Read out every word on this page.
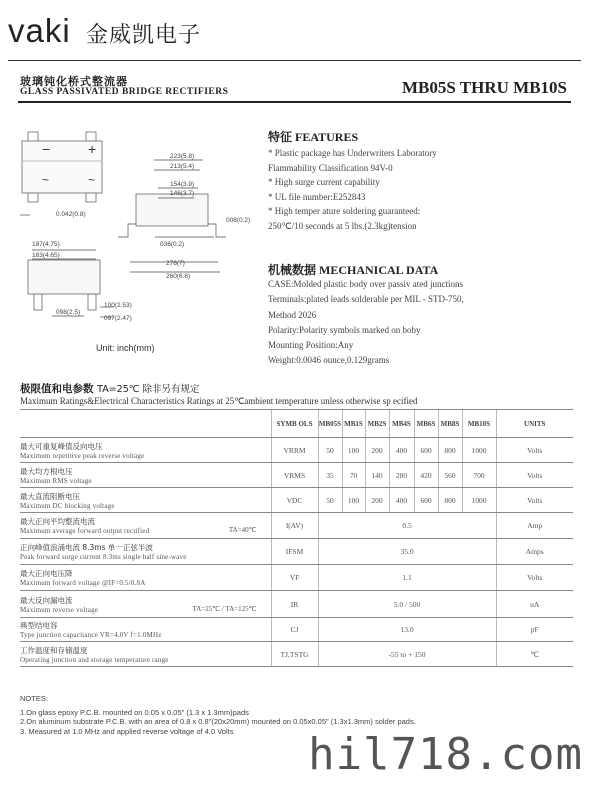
vaki 金威凯电子
玻璃钝化桥式整流器
GLASS PASSIVATED BRIDGE RECTIFIERS	MB05S THRU MB10S
−	+
~	~
223(5.8)
213(5.4)
154(3.9)
146(3.7)
0.042(0.8)
008(0.2)
036(0.2)
187(4.75)
183(4.65)
276(7)
260(6.6)
100(2.53)
097(2.47)
098(2.5)
Unit: inch(mm)
特征 FEATURES
* Plastic package has Underwriters Laboratory
Flammability Classification 94V-0
* High surge current capability
* UL file number:E252843
* High temper ature soldering guaranteed:
250℃/10 seconds at 5 lbs.(2.3kg)tension
机械数据 MECHANICAL DATA
CASE:Molded plastic body over passiv ated junctions
Terminals:plated leads solderable per MIL - STD-750,
Method 2026
Polarity:Polarity symbols marked on boby
Mounting Position:Any
Weight:0.0046 ounce,0.129grams
极限值和电参数 TA=25℃ 除非另有规定
Maximum Ratings&Electrical Characteristics Ratings at 25℃ambient temperature unless otherwise sp ecified
	SYMB OLS	MB05S	MB1S	MB2S	MB4S	MB6S	MB8S	MB10S	UNITS

最大可重复峰值反向电压
Maximum repetitive peak reverse voltage	VRRM	50	100	200	400	600	800	1000	Volts

最大均方根电压
Maximum RMS voltage	VRMS	35	70	140	280	420	560	700	Volts

最大直流阻断电压
Maximum DC blocking voltage	VDC	50	100	200	400	600	800	1000	Volts

最大正向平均整流电流
Maximum average forward output rectified TA=40℃	I(AV)	0.5							Amp

正向峰值浪涌电流 8.3ms 单一正弦半波
Peak forward surge current 8.3ms single half sine-wave	IFSM	35.0							Amps

最大正向电压降
Maximum forward voltage @IF=0.5/0.8A	VF	1.1							Volts

最大反向漏电流
Maximum reverse voltage TA=25℃ / TA=125℃	IR	5.0 / 500							uA

典型结电容
Type junction capacitance VR=4.0V f=1.0MHz	CJ	13.0							pF

工作温度和存储温度
Operating junction and storage temperature range	TJ,TSTG	-55 to + 150							℃
NOTES:
1.On glass epoxy P.C.B. mounted on 0.05 x 0.05" (1.3 x 1.3mm)pads
2.On aluminum substrate P.C.B. with an area of 0.8 x 0.8"(20x20mm) mounted on 0.05x0.05" (1.3x1.3mm) solder pads.
3. Measured at 1.0 MHz and applied reverse voltage of 4.0 Volts	hil718.com
